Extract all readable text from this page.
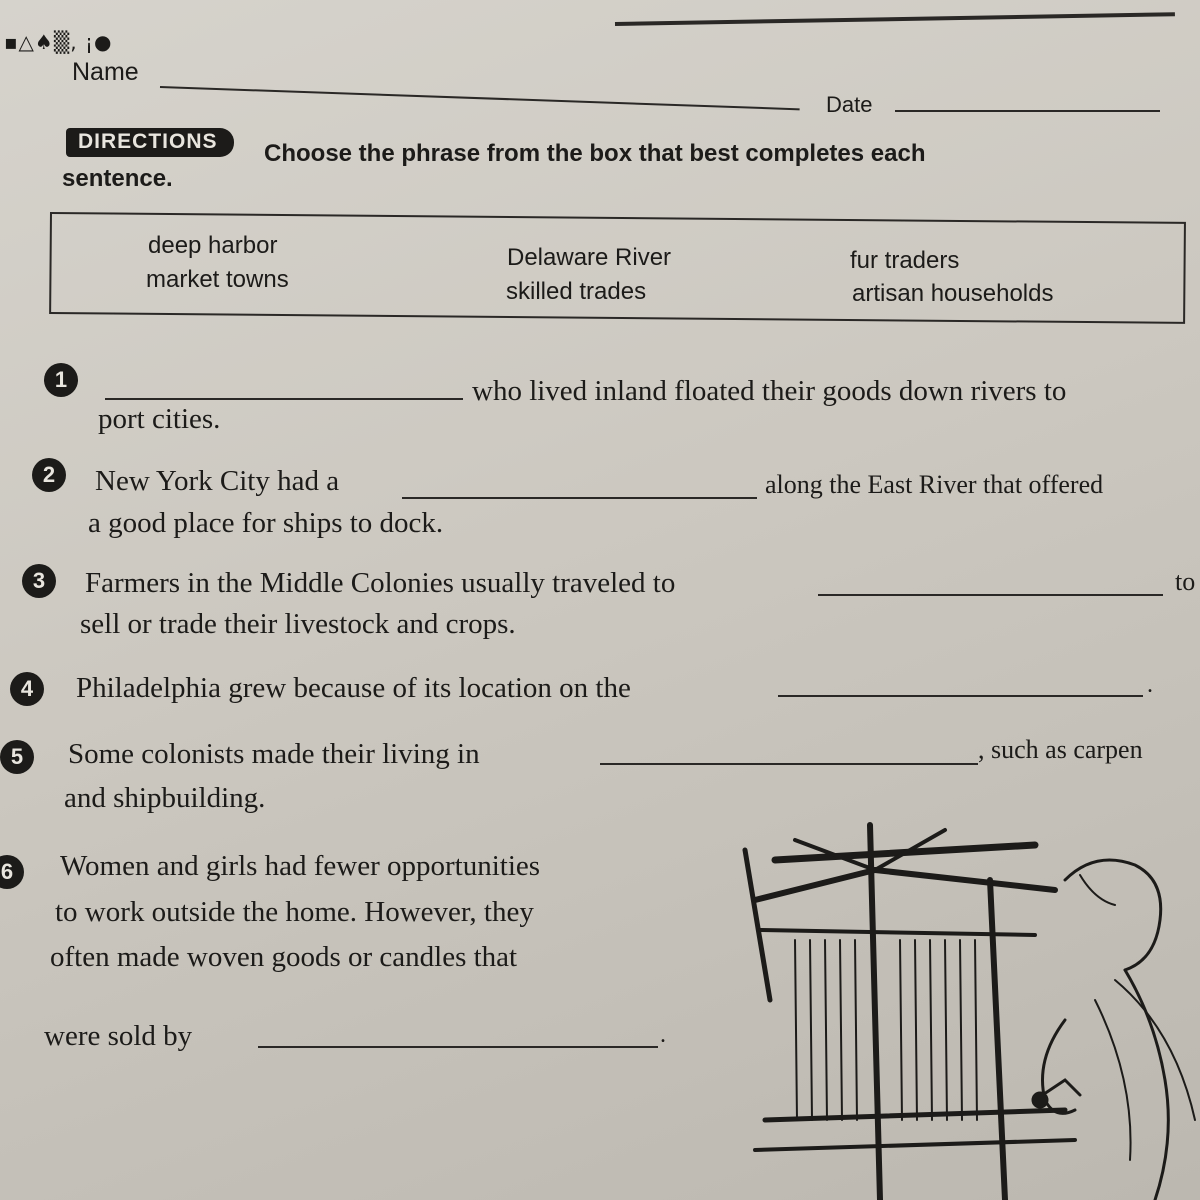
▪△♠▒, ¡●
Name
Date
DIRECTIONS	Choose the phrase from the box that best completes each
sentence.
deep harbor
market towns
Delaware River
skilled trades
fur traders
artisan households
1	who lived inland floated their goods down rivers to
port cities.
2	New York City had a	along the East River that offered
a good place for ships to dock.
3	Farmers in the Middle Colonies usually traveled to	to
sell or trade their livestock and crops.
4	Philadelphia grew because of its location on the	.
5	Some colonists made their living in	, such as carpen
and shipbuilding.
6	Women and girls had fewer opportunities
to work outside the home. However, they
often made woven goods or candles that
were sold by	.
